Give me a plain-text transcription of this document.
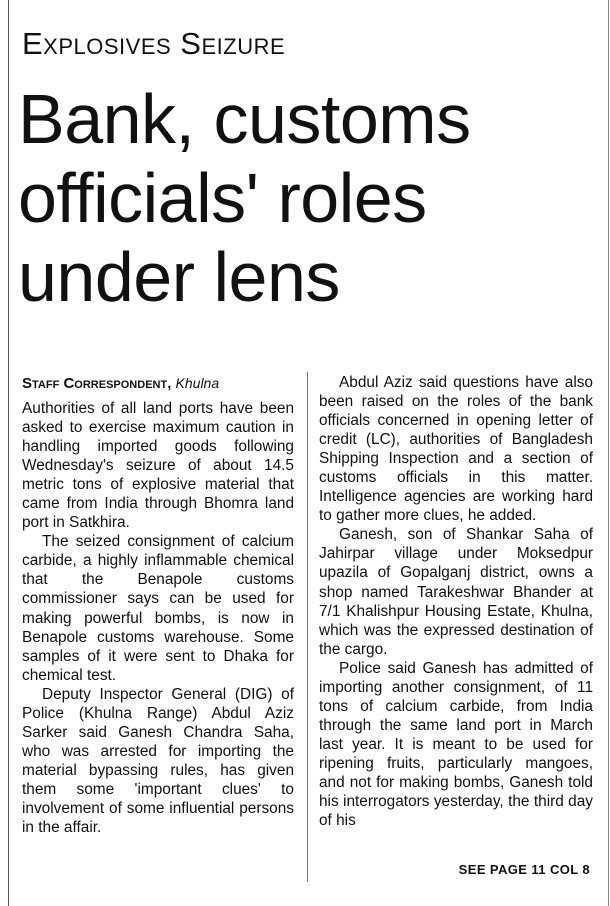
Explosives Seizure
Bank, customs
officials' roles
under lens
Staff Correspondent, Khulna

Authorities of all land ports have been asked to exercise maximum caution in handling imported goods following Wednesday's seizure of about 14.5 metric tons of explosive material that came from India through Bhomra land port in Satkhira.

The seized consignment of calcium carbide, a highly inflammable chemical that the Benapole customs commissioner says can be used for making powerful bombs, is now in Benapole customs warehouse. Some samples of it were sent to Dhaka for chemical test.

Deputy Inspector General (DIG) of Police (Khulna Range) Abdul Aziz Sarker said Ganesh Chandra Saha, who was arrested for importing the material bypassing rules, has given them some 'important clues' to involvement of some influential persons in the affair.

Abdul Aziz said questions have also been raised on the roles of the bank officials concerned in opening letter of credit (LC), authorities of Bangladesh Shipping Inspection and a section of customs officials in this matter. Intelligence agencies are working hard to gather more clues, he added.

Ganesh, son of Shankar Saha of Jahirpar village under Moksedpur upazila of Gopalganj district, owns a shop named Tarakeshwar Bhander at 7/1 Khalishpur Housing Estate, Khulna, which was the expressed destination of the cargo.

Police said Ganesh has admitted of importing another consignment, of 11 tons of calcium carbide, from India through the same land port in March last year. It is meant to be used for ripening fruits, particularly mangoes, and not for making bombs, Ganesh told his interrogators yesterday, the third day of his

SEE PAGE 11 COL 8
